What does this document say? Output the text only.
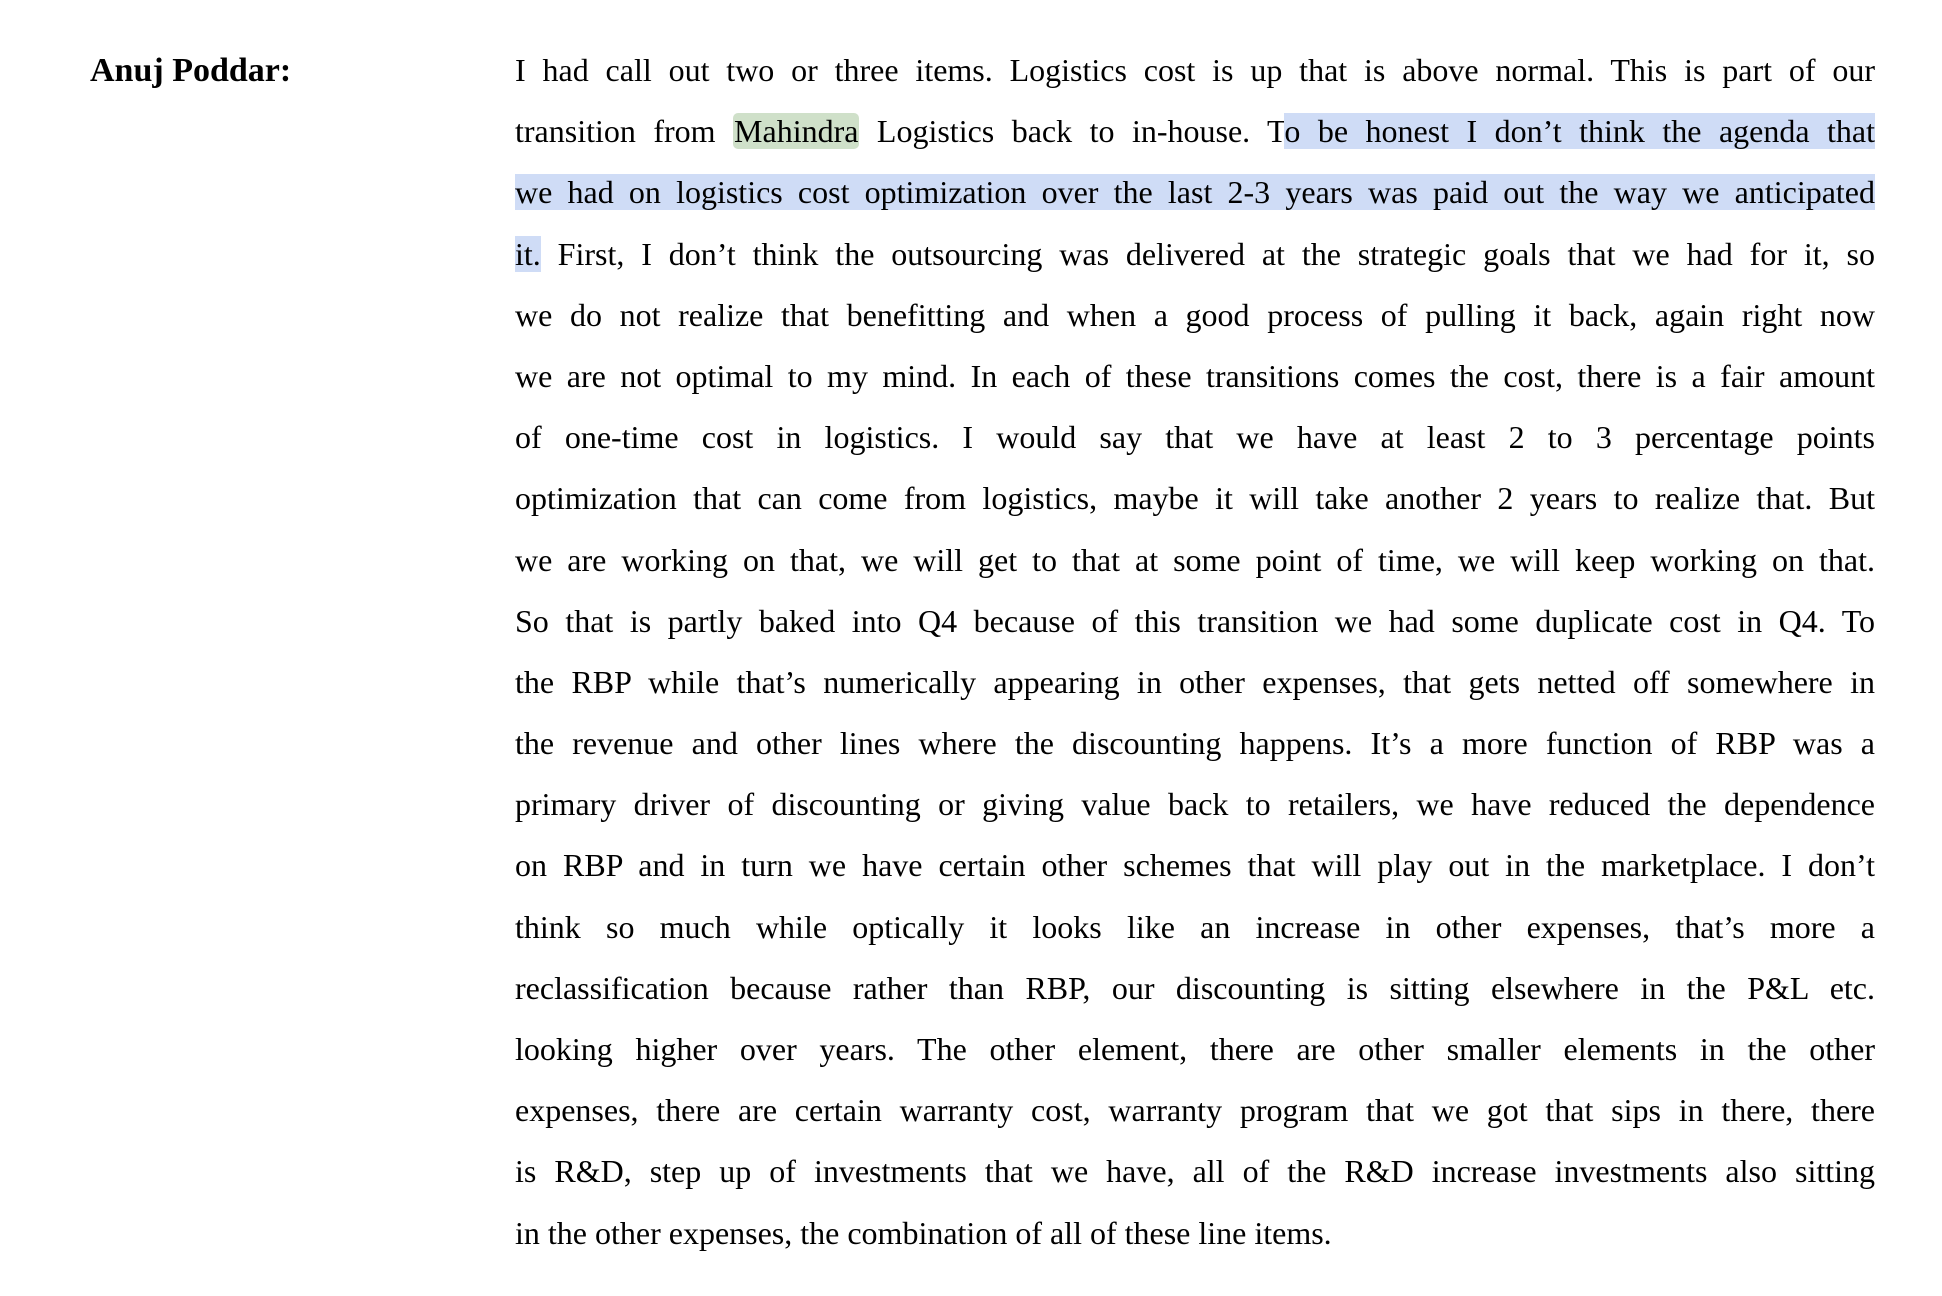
Anuj Poddar:	I had call out two or three items. Logistics cost is up that is above normal. This is part of our
transition from Mahindra Logistics back to in-house. To be honest I don’t think the agenda that
we had on logistics cost optimization over the last 2-3 years was paid out the way we anticipated
it. First, I don’t think the outsourcing was delivered at the strategic goals that we had for it, so
we do not realize that benefitting and when a good process of pulling it back, again right now
we are not optimal to my mind. In each of these transitions comes the cost, there is a fair amount
of one-time cost in logistics. I would say that we have at least 2 to 3 percentage points
optimization that can come from logistics, maybe it will take another 2 years to realize that. But
we are working on that, we will get to that at some point of time, we will keep working on that.
So that is partly baked into Q4 because of this transition we had some duplicate cost in Q4. To
the RBP while that’s numerically appearing in other expenses, that gets netted off somewhere in
the revenue and other lines where the discounting happens. It’s a more function of RBP was a
primary driver of discounting or giving value back to retailers, we have reduced the dependence
on RBP and in turn we have certain other schemes that will play out in the marketplace. I don’t
think so much while optically it looks like an increase in other expenses, that’s more a
reclassification because rather than RBP, our discounting is sitting elsewhere in the P&L etc.
looking higher over years. The other element, there are other smaller elements in the other
expenses, there are certain warranty cost, warranty program that we got that sips in there, there
is R&D, step up of investments that we have, all of the R&D increase investments also sitting
in the other expenses, the combination of all of these line items.
